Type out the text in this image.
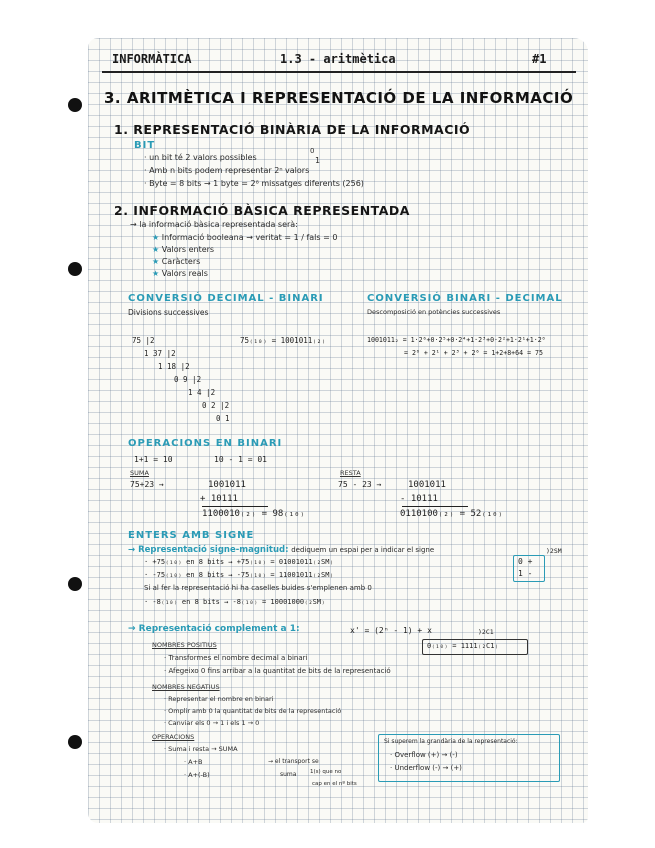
INFORMÀTICA	1.3 - aritmètica	#1
3. ARITMÈTICA I REPRESENTACIÓ DE LA INFORMACIÓ
1. REPRESENTACIÓ BINÀRIA DE LA INFORMACIÓ
BIT
· un bit té 2 valors possibles
0
1
· Amb n bits podem representar 2ⁿ valors
· Byte = 8 bits → 1 byte = 2⁸ missatges diferents (256)
2. INFORMACIÓ BÀSICA REPRESENTADA
→ la informació bàsica representada serà:
★ Informació booleana → veritat = 1 / fals = 0
★ Valors enters
★ Caràcters
★ Valors reals
CONVERSIÓ DECIMAL - BINARI
Divisions successives
75₍₁₀₎ = 1001011₍₂₎
75 |2
1 37 |2
1 18 |2
0 9 |2
1 4 |2
0 2 |2
0 1
CONVERSIÓ BINARI - DECIMAL
Descomposició en potències successives
1001011₂ = 1·2⁶+0·2⁵+0·2⁴+1·2³+0·2²+1·2¹+1·2⁰
= 2⁰ + 2¹ + 2³ + 2⁶ = 1+2+8+64 = 75
OPERACIONS EN BINARI
1+1 = 10	10 - 1 = 01
SUMA
75+23 →	1001011
+ 10111
1100010₍₂₎ = 98₍₁₀₎
RESTA
75 - 23 →	1001011
- 10111
0110100₍₂₎ = 52₍₁₀₎
ENTERS AMB SIGNE
→ Representació signe-magnitud: dediquem un espai per a indicar el signe	)2SM
· +75₍₁₀₎ en 8 bits → +75₍₁₀₎ = 01001011₍₂SM₎
· -75₍₁₀₎ en 8 bits → -75₍₁₀₎ = 11001011₍₂SM₎
Si al fer la representació hi ha caselles buides s'emplenen amb 0
· -8₍₁₀₎ en 8 bits → -8₍₁₀₎ = 10001000₍₂SM₎
0 +
1 -
→ Representació complement a 1:	x' = (2ⁿ - 1) + x	)2C1
0₍₁₀₎ = 1111₍₂C1₎
NOMBRES POSITIUS
· Transformes el nombre decimal a binari
· Afegeixo 0 fins arribar a la quantitat de bits de la representació
NOMBRES NEGATIUS
· Representar el nombre en binari
· Omplir amb 0 la quantitat de bits de la representació
· Canviar els 0 → 1 i els 1 → 0
OPERACIONS
· Suma i resta → SUMA
· A+B
· A+(-B)
→ el transport se
suma 1(s) que no
cap en el nº bits
Si superem la grandària de la representació:
· Overflow (+) → (-)
· Underflow (-) → (+)
